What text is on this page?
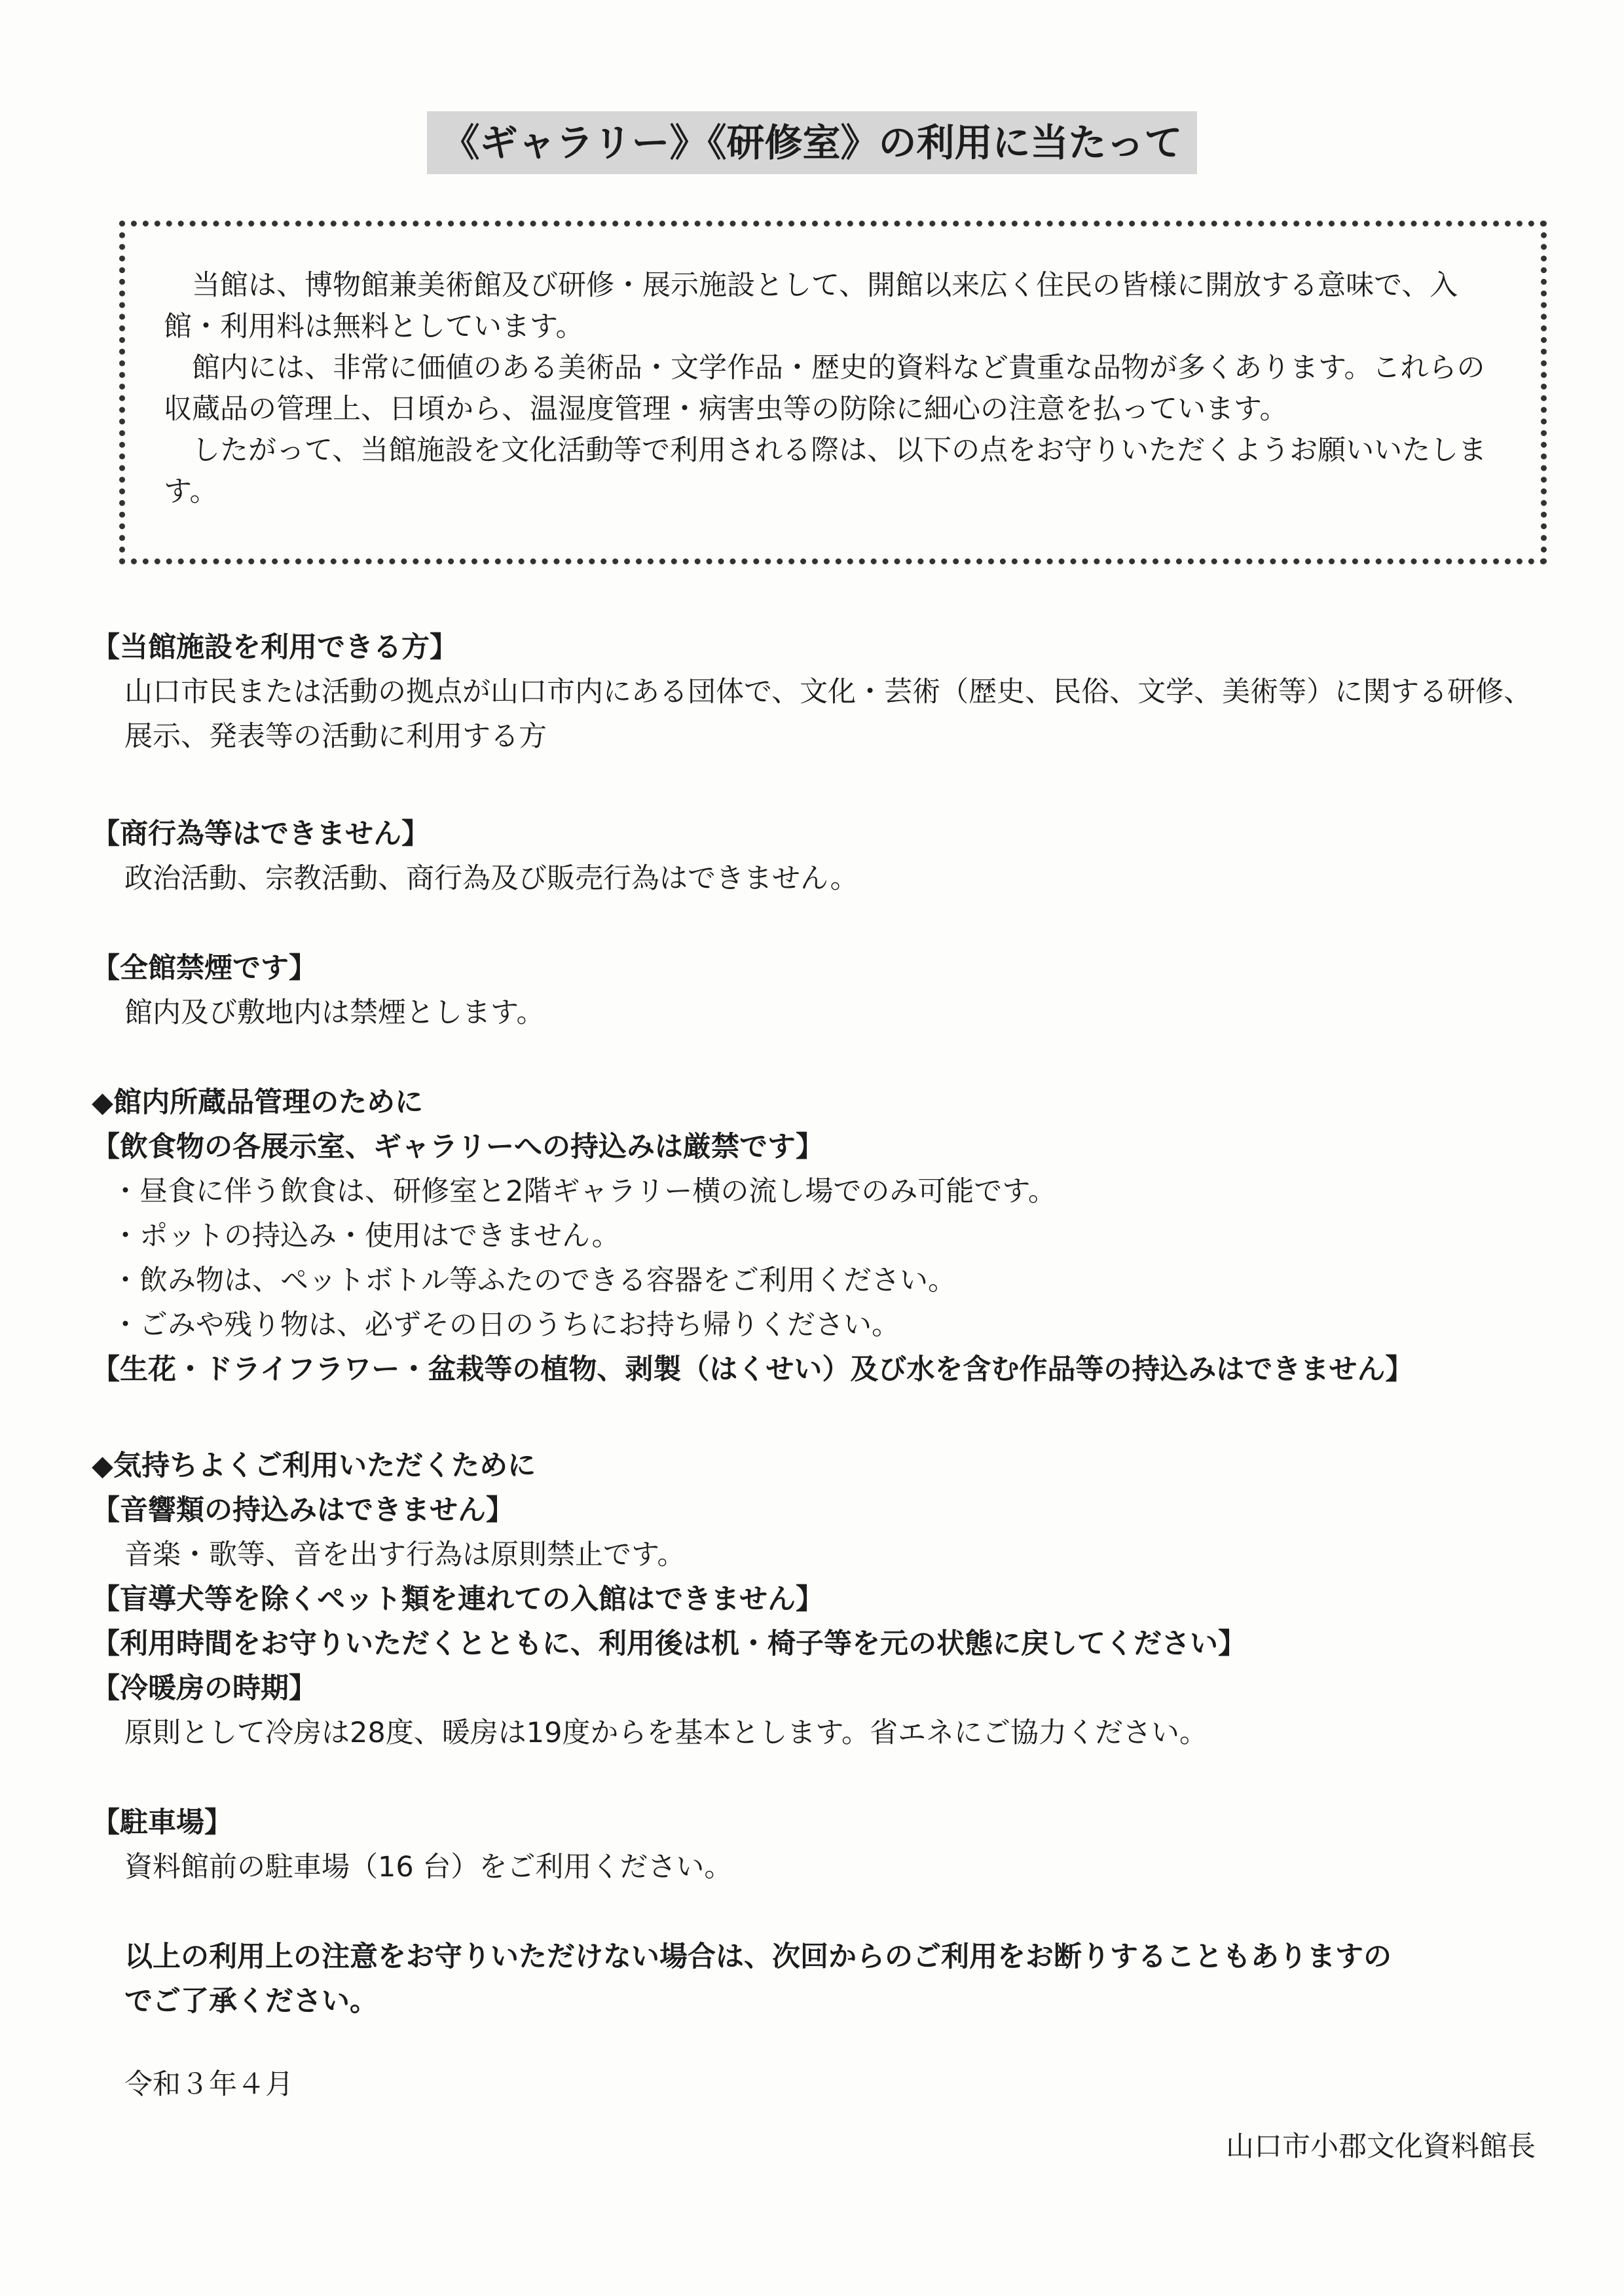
《ギャラリー》《研修室》の利用に当たって

当館は、博物館兼美術館及び研修・展示施設として、開館以来広く住民の皆様に開放する意味で、入館・利用料は無料としています。

館内には、非常に価値のある美術品・文学作品・歴史的資料など貴重な品物が多くあります。これらの収蔵品の管理上、日頃から、温湿度管理・病害虫等の防除に細心の注意を払っています。

したがって、当館施設を文化活動等で利用される際は、以下の点をお守りいただくようお願いいたします。

【当館施設を利用できる方】

山口市民または活動の拠点が山口市内にある団体で、文化・芸術（歴史、民俗、文学、美術等）に関する研修、展示、発表等の活動に利用する方

【商行為等はできません】

政治活動、宗教活動、商行為及び販売行為はできません。

【全館禁煙です】

館内及び敷地内は禁煙とします。

◆館内所蔵品管理のために

【飲食物の各展示室、ギャラリーへの持込みは厳禁です】

・昼食に伴う飲食は、研修室と2階ギャラリー横の流し場でのみ可能です。

・ポットの持込み・使用はできません。

・飲み物は、ペットボトル等ふたのできる容器をご利用ください。

・ごみや残り物は、必ずその日のうちにお持ち帰りください。

【生花・ドライフラワー・盆栽等の植物、剥製（はくせい）及び水を含む作品等の持込みはできません】

◆気持ちよくご利用いただくために

【音響類の持込みはできません】

音楽・歌等、音を出す行為は原則禁止です。

【盲導犬等を除くペット類を連れての入館はできません】

【利用時間をお守りいただくとともに、利用後は机・椅子等を元の状態に戻してください】

【冷暖房の時期】

原則として冷房は28度、暖房は19度からを基本とします。省エネにご協力ください。

【駐車場】

資料館前の駐車場（16 台）をご利用ください。

以上の利用上の注意をお守りいただけない場合は、次回からのご利用をお断りすることもありますの

でご了承ください。

令和３年４月
山口市小郡文化資料館長
